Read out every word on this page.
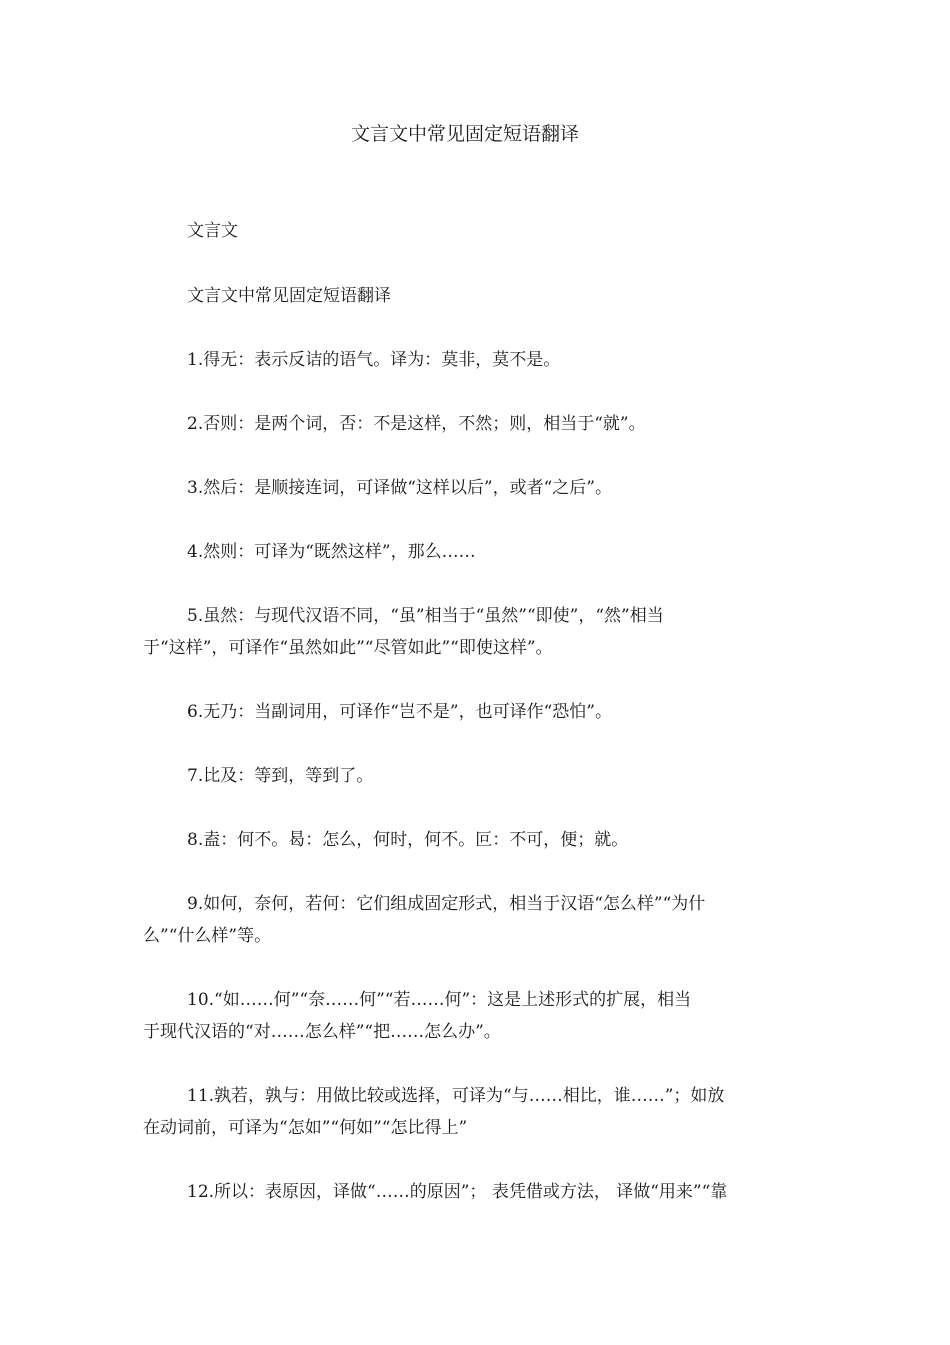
文言文中常见固定短语翻译
文言文
文言文中常见固定短语翻译
1.得无：表示反诘的语气。译为：莫非，莫不是。
2.否则：是两个词，否：不是这样，不然；则，相当于“就”。
3.然后：是顺接连词，可译做“这样以后”，或者“之后”。
4.然则：可译为“既然这样”，那么……
5.虽然：与现代汉语不同，“虽”相当于“虽然”“即使”，“然”相当
于“这样”，可译作“虽然如此”“尽管如此”“即使这样”。
6.无乃：当副词用，可译作“岂不是”，也可译作“恐怕”。
7.比及：等到，等到了。
8.盍：何不。曷：怎么，何时，何不。叵：不可，便；就。
9.如何，奈何，若何：它们组成固定形式，相当于汉语“怎么样”“为什
么”“什么样”等。
10.“如……何”“奈……何”“若……何”：这是上述形式的扩展，相当
于现代汉语的“对……怎么样”“把……怎么办”。
11.孰若，孰与：用做比较或选择，可译为“与……相比，谁……”；如放
在动词前，可译为“怎如”“何如”“怎比得上”
12.所以：表原因，译做“……的原因”； 表凭借或方法， 译做“用来”“靠
